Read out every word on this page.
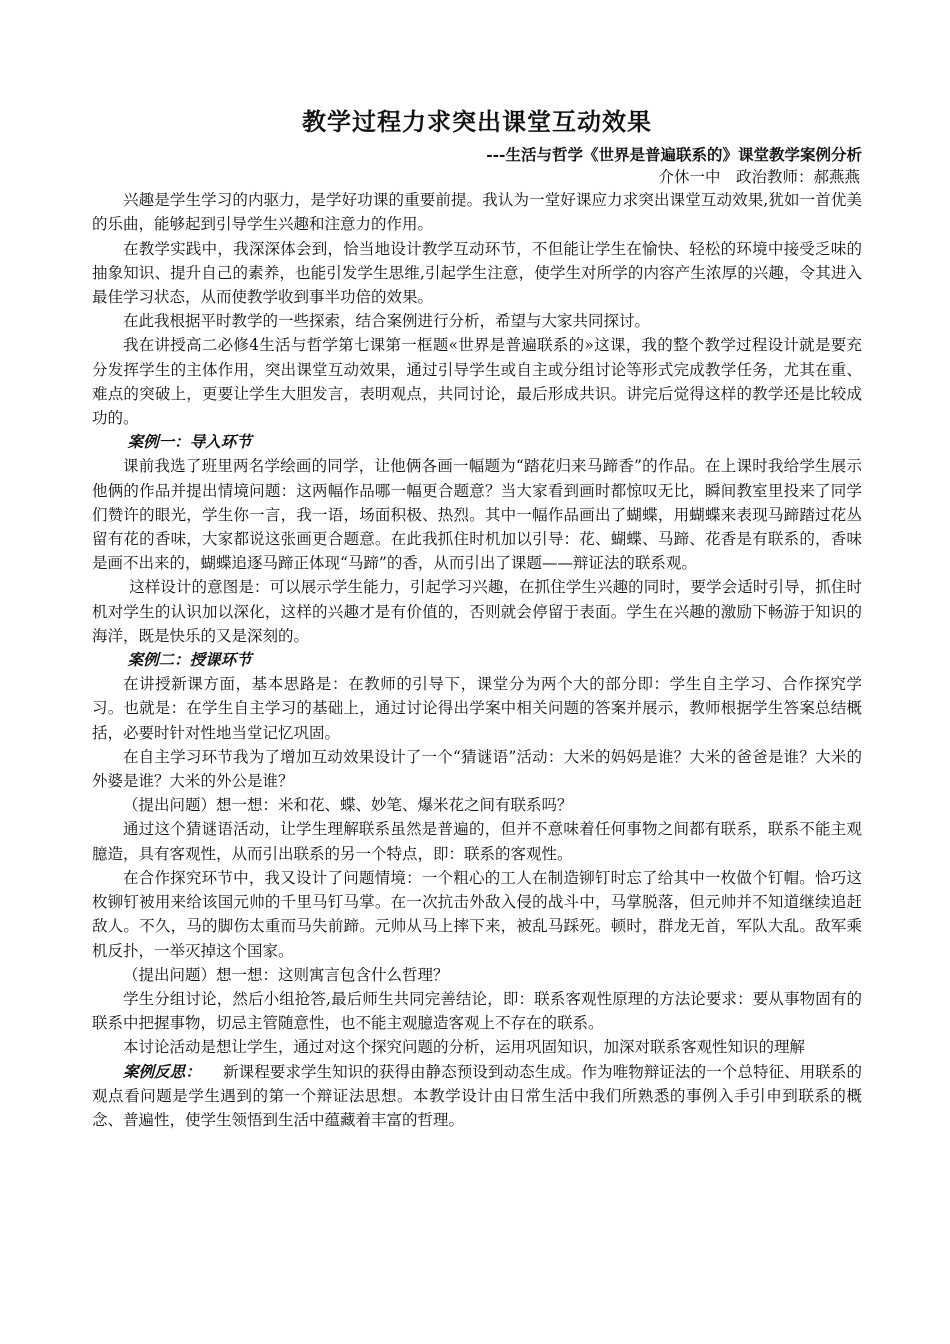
教学过程力求突出课堂互动效果
---生活与哲学《世界是普遍联系的》课堂教学案例分析
介休一中　政治教师：郝燕燕

兴趣是学生学习的内驱力，是学好功课的重要前提。我认为一堂好课应力求突出课堂互动效果,犹如一首优美的乐曲，能够起到引导学生兴趣和注意力的作用。

在教学实践中，我深深体会到，恰当地设计教学互动环节，不但能让学生在愉快、轻松的环境中接受乏味的抽象知识、提升自己的素养，也能引发学生思维,引起学生注意，使学生对所学的内容产生浓厚的兴趣，令其进入最佳学习状态，从而使教学收到事半功倍的效果。

在此我根据平时教学的一些探索，结合案例进行分析，希望与大家共同探讨。

我在讲授高二必修4生活与哲学第七课第一框题«世界是普遍联系的»这课，我的整个教学过程设计就是要充分发挥学生的主体作用，突出课堂互动效果，通过引导学生或自主或分组讨论等形式完成教学任务，尤其在重、难点的突破上，更要让学生大胆发言，表明观点，共同讨论，最后形成共识。讲完后觉得这样的教学还是比较成功的。

案例一：导入环节

课前我选了班里两名学绘画的同学，让他俩各画一幅题为“踏花归来马蹄香”的作品。在上课时我给学生展示他俩的作品并提出情境问题：这两幅作品哪一幅更合题意？当大家看到画时都惊叹无比，瞬间教室里投来了同学们赞许的眼光，学生你一言，我一语，场面积极、热烈。其中一幅作品画出了蝴蝶，用蝴蝶来表现马蹄踏过花丛留有花的香味，大家都说这张画更合题意。在此我抓住时机加以引导：花、蝴蝶、马蹄、花香是有联系的，香味是画不出来的，蝴蝶追逐马蹄正体现“马蹄”的香，从而引出了课题——辩证法的联系观。

这样设计的意图是：可以展示学生能力，引起学习兴趣，在抓住学生兴趣的同时，要学会适时引导，抓住时机对学生的认识加以深化，这样的兴趣才是有价值的，否则就会停留于表面。学生在兴趣的激励下畅游于知识的海洋，既是快乐的又是深刻的。

案例二：授课环节

在讲授新课方面，基本思路是：在教师的引导下，课堂分为两个大的部分即：学生自主学习、合作探究学习。也就是：在学生自主学习的基础上，通过讨论得出学案中相关问题的答案并展示，教师根据学生答案总结概括，必要时针对性地当堂记忆巩固。

在自主学习环节我为了增加互动效果设计了一个“猜谜语”活动：大米的妈妈是谁？大米的爸爸是谁？大米的外婆是谁？大米的外公是谁？

（提出问题）想一想：米和花、蝶、妙笔、爆米花之间有联系吗？

通过这个猜谜语活动，让学生理解联系虽然是普遍的，但并不意味着任何事物之间都有联系，联系不能主观臆造，具有客观性，从而引出联系的另一个特点，即：联系的客观性。

在合作探究环节中，我又设计了问题情境：一个粗心的工人在制造铆钉时忘了给其中一枚做个钉帽。恰巧这枚铆钉被用来给该国元帅的千里马钉马掌。在一次抗击外敌入侵的战斗中，马掌脱落，但元帅并不知道继续追赶敌人。不久，马的脚伤太重而马失前蹄。元帅从马上摔下来，被乱马踩死。顿时，群龙无首，军队大乱。敌军乘机反扑，一举灭掉这个国家。

（提出问题）想一想：这则寓言包含什么哲理？

学生分组讨论，然后小组抢答,最后师生共同完善结论，即：联系客观性原理的方法论要求：要从事物固有的联系中把握事物，切忌主管随意性，也不能主观臆造客观上不存在的联系。

本讨论活动是想让学生，通过对这个探究问题的分析，运用巩固知识，加深对联系客观性知识的理解

案例反思： 新课程要求学生知识的获得由静态预设到动态生成。作为唯物辩证法的一个总特征、用联系的观点看问题是学生遇到的第一个辩证法思想。本教学设计由日常生活中我们所熟悉的事例入手引申到联系的概念、普遍性，使学生领悟到生活中蕴藏着丰富的哲理。
